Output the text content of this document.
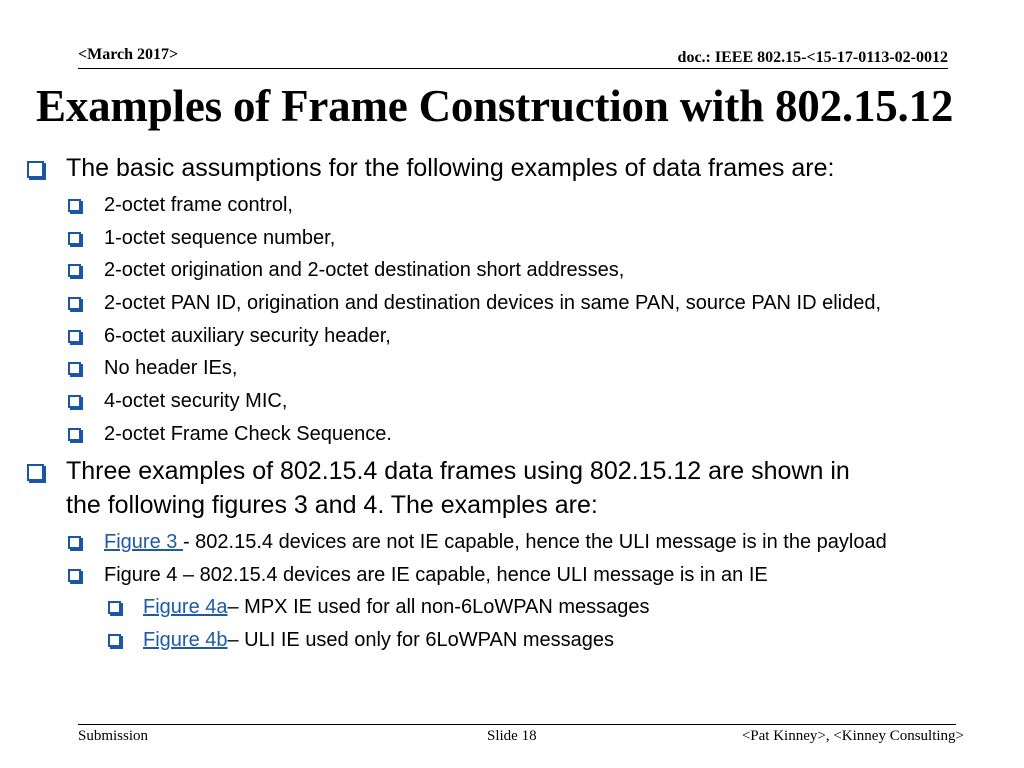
<March 2017>	doc.: IEEE 802.15-<15-17-0113-02-0012
Examples of Frame Construction with 802.15.12
The basic assumptions for the following examples of data frames are:
2-octet frame control,
1-octet sequence number,
2-octet origination and 2-octet destination short addresses,
2-octet PAN ID, origination and destination devices in same PAN, source PAN ID elided,
6-octet auxiliary security header,
No header IEs,
4-octet security MIC,
2-octet Frame Check Sequence.
Three examples of 802.15.4 data frames using 802.15.12 are shown in
the following figures 3 and 4. The examples are:
Figure 3 - 802.15.4 devices are not IE capable, hence the ULI message is in the payload
Figure 4 – 802.15.4 devices are IE capable, hence ULI message is in an IE
Figure 4a– MPX IE used for all non-6LoWPAN messages
Figure 4b– ULI IE used only for 6LoWPAN messages
Submission	Slide 18	<Pat Kinney>, <Kinney Consulting>
